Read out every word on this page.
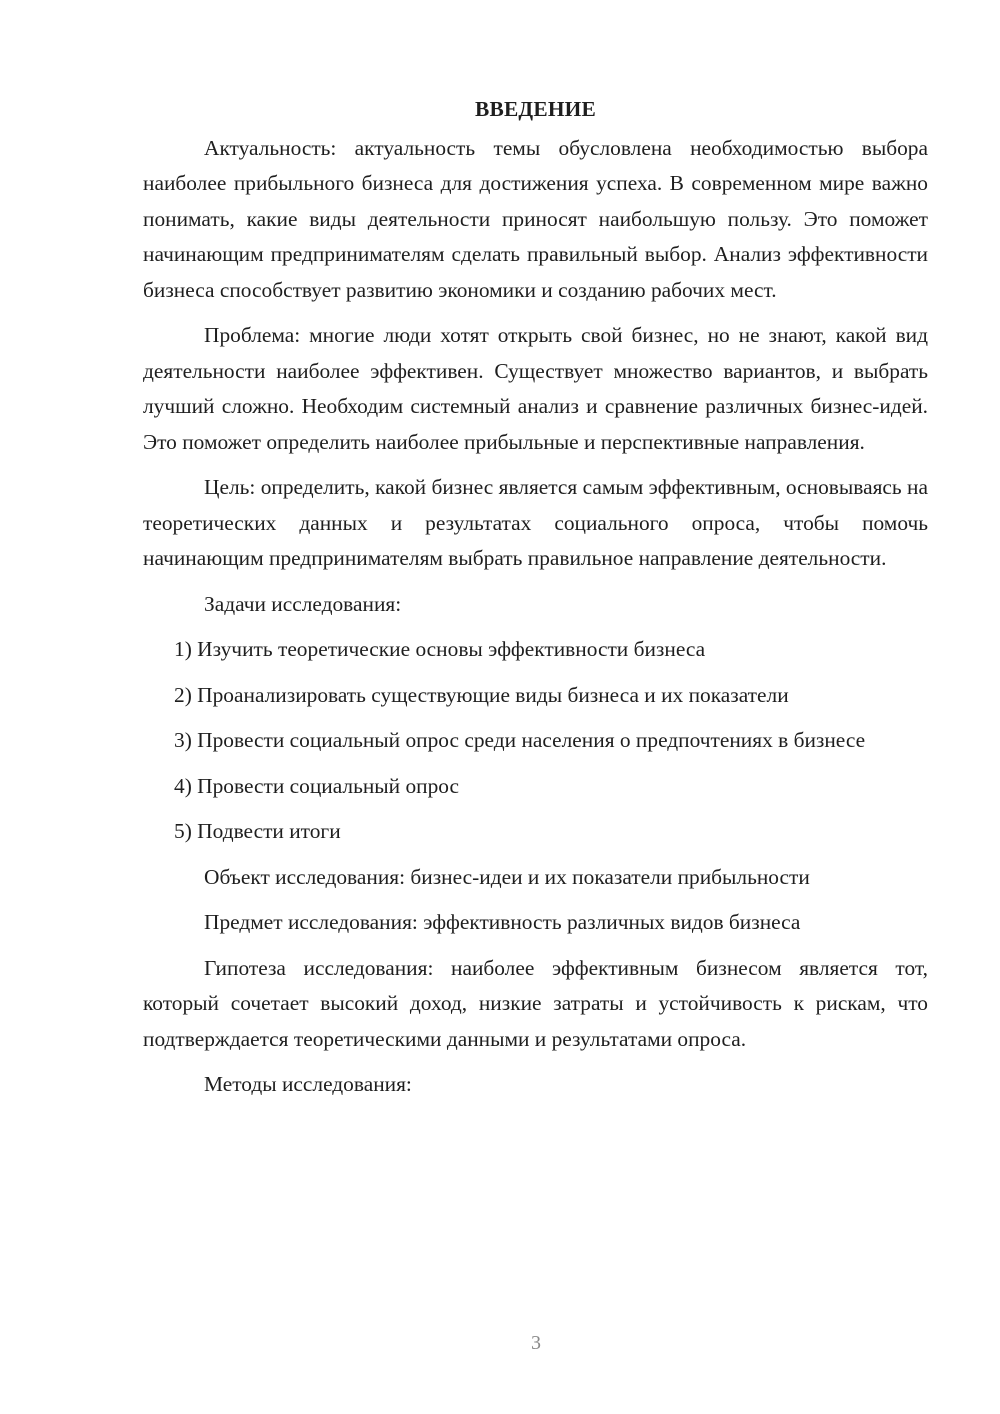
ВВЕДЕНИЕ

Актуальность: актуальность темы обусловлена необходимостью выбора наиболее прибыльного бизнеса для достижения успеха. В современном мире важно понимать, какие виды деятельности приносят наибольшую пользу. Это поможет начинающим предпринимателям сделать правильный выбор. Анализ эффективности бизнеса способствует развитию экономики и созданию рабочих мест.

Проблема: многие люди хотят открыть свой бизнес, но не знают, какой вид деятельности наиболее эффективен. Существует множество вариантов, и выбрать лучший сложно. Необходим системный анализ и сравнение различных бизнес-идей. Это поможет определить наиболее прибыльные и перспективные направления.

Цель: определить, какой бизнес является самым эффективным, основываясь на теоретических данных и результатах социального опроса, чтобы помочь начинающим предпринимателям выбрать правильное направление деятельности.

Задачи исследования:

1) Изучить теоретические основы эффективности бизнеса

2) Проанализировать существующие виды бизнеса и их показатели

3) Провести социальный опрос среди населения о предпочтениях в бизнесе

4) Провести социальный опрос

5) Подвести итоги

Объект исследования: бизнес-идеи и их показатели прибыльности

Предмет исследования: эффективность различных видов бизнеса

Гипотеза исследования: наиболее эффективным бизнесом является тот, который сочетает высокий доход, низкие затраты и устойчивость к рискам, что подтверждается теоретическими данными и результатами опроса.

Методы исследования:

3
